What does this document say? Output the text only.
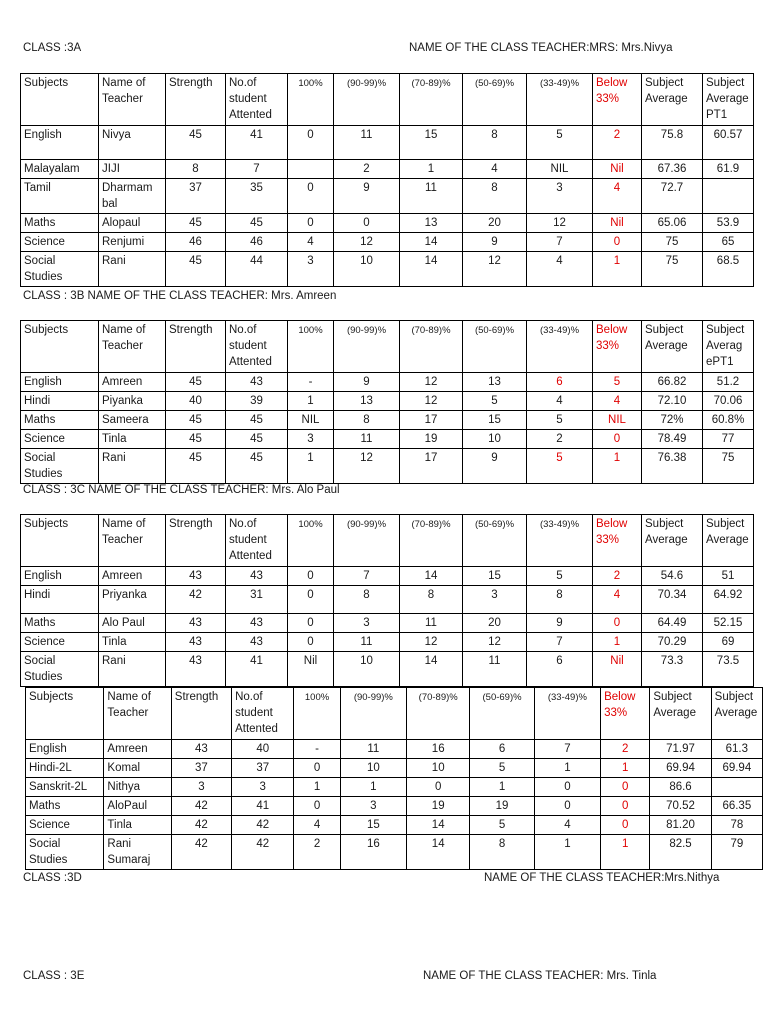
CLASS :3A	NAME OF THE CLASS TEACHER:MRS: Mrs.Nivya
Subjects	Name of Teacher	Strength	No.of student Attented	100%	(90-99)%	(70-89)%	(50-69)%	(33-49)%	Below 33%	Subject Average	Subject Average PT1
English	Nivya	45	41	0	11	15	8	5	2	75.8	60.57
Malayalam	JIJI	8	7		2	1	4	NIL	Nil	67.36	61.9
Tamil	Dharmam bal	37	35	0	9	11	8	3	4	72.7	
Maths	Alopaul	45	45	0	0	13	20	12	Nil	65.06	53.9
Science	Renjumi	46	46	4	12	14	9	7	0	75	65
Social Studies	Rani	45	44	3	10	14	12	4	1	75	68.5
CLASS : 3B NAME OF THE CLASS TEACHER: Mrs. Amreen
Subjects	Name of Teacher	Strength	No.of student Attented	100%	(90-99)%	(70-89)%	(50-69)%	(33-49)%	Below 33%	Subject Average	Subject Averag ePT1
English	Amreen	45	43	-	9	12	13	6	5	66.82	51.2
Hindi	Piyanka	40	39	1	13	12	5	4	4	72.10	70.06
Maths	Sameera	45	45	NIL	8	17	15	5	NIL	72%	60.8%
Science	Tinla	45	45	3	11	19	10	2	0	78.49	77
Social Studies	Rani	45	45	1	12	17	9	5	1	76.38	75
CLASS : 3C NAME OF THE CLASS TEACHER: Mrs. Alo Paul
Subjects	Name of Teacher	Strength	No.of student Attented	100%	(90-99)%	(70-89)%	(50-69)%	(33-49)%	Below 33%	Subject Average	Subject Average
English	Amreen	43	43	0	7	14	15	5	2	54.6	51
Hindi	Priyanka	42	31	0	8	8	3	8	4	70.34	64.92
Maths	Alo Paul	43	43	0	3	11	20	9	0	64.49	52.15
Science	Tinla	43	43	0	11	12	12	7	1	70.29	69
Social Studies	Rani	43	41	Nil	10	14	11	6	Nil	73.3	73.5
Subjects	Name of Teacher	Strength	No.of student Attented	100%	(90-99)%	(70-89)%	(50-69)%	(33-49)%	Below 33%	Subject Average	Subject Average
English	Amreen	43	40	-	11	16	6	7	2	71.97	61.3
Hindi-2L	Komal	37	37	0	10	10	5	1	1	69.94	69.94
Sanskrit-2L	Nithya	3	3	1	1	0	1	0	0	86.6	
Maths	AloPaul	42	41	0	3	19	19	0	0	70.52	66.35
Science	Tinla	42	42	4	15	14	5	4	0	81.20	78
Social Studies	Rani Sumaraj	42	42	2	16	14	8	1	1	82.5	79
CLASS :3D	NAME OF THE CLASS TEACHER:Mrs.Nithya
CLASS : 3E	NAME OF THE CLASS TEACHER: Mrs. Tinla
